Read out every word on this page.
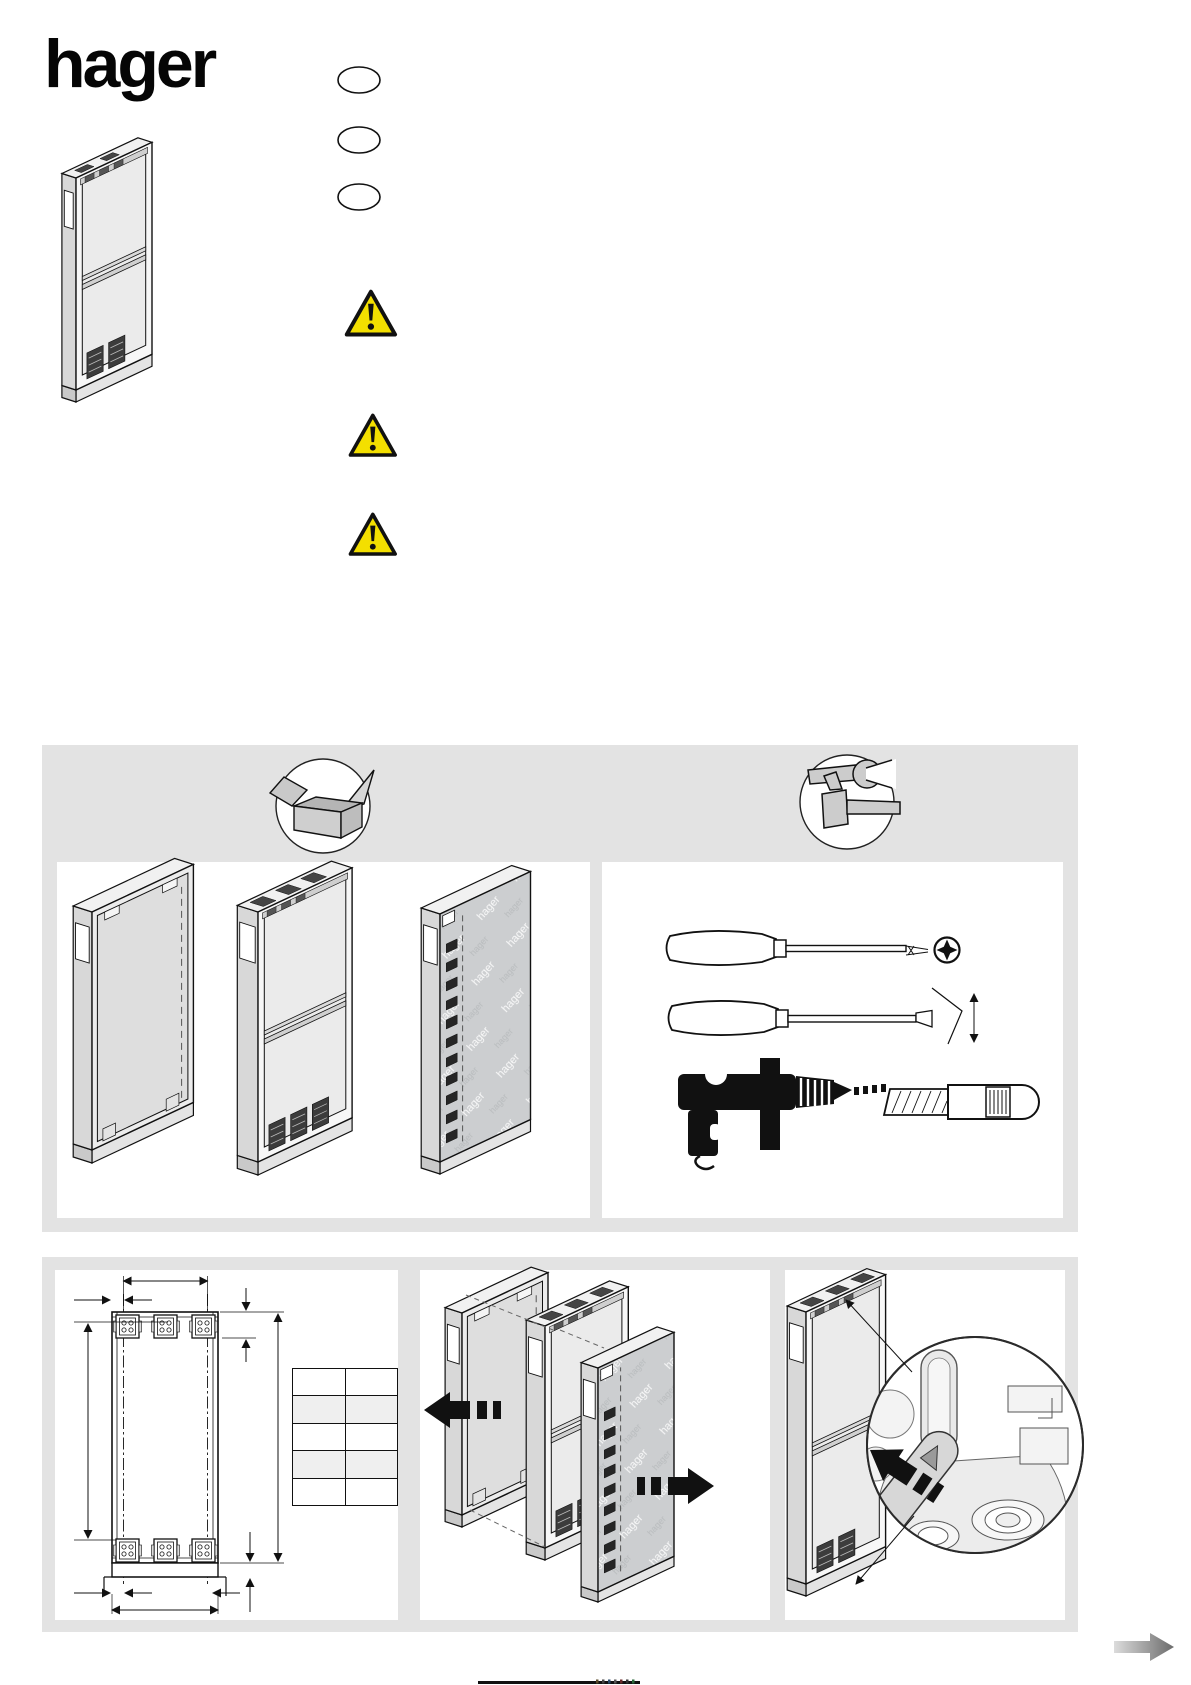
hager
